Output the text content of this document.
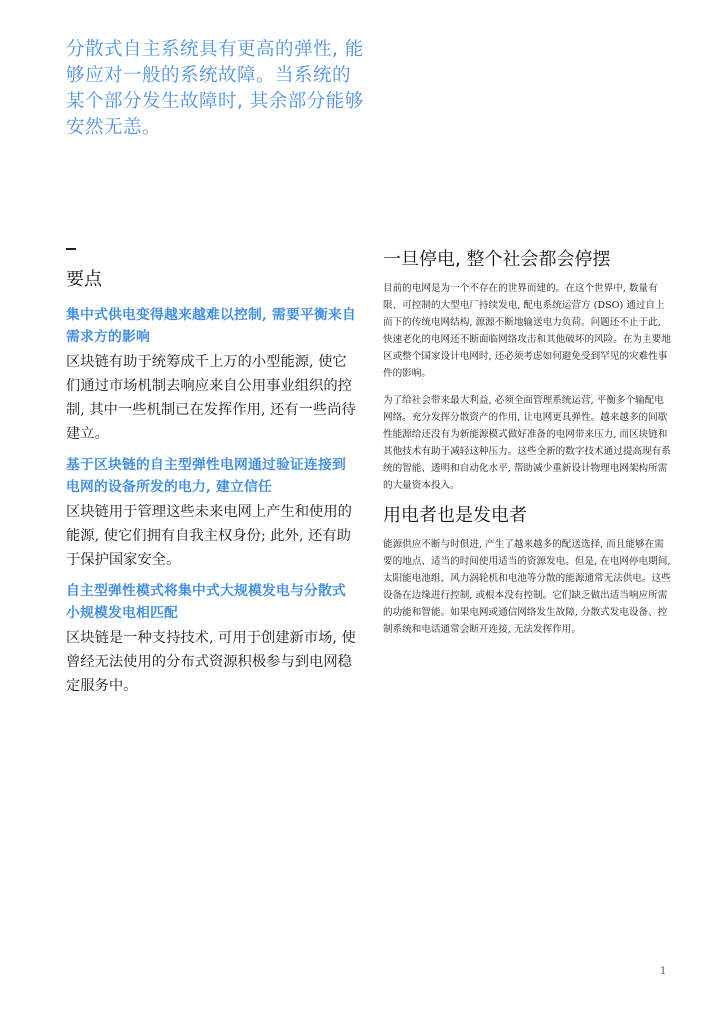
分散式自主系统具有更高的弹性, 能够应对一般的系统故障。当系统的某个部分发生故障时, 其余部分能够安然无恙。
要点

集中式供电变得越来越难以控制, 需要平衡来自需求方的影响

区块链有助于统筹成千上万的小型能源, 使它们通过市场机制去响应来自公用事业组织的控制, 其中一些机制已在发挥作用, 还有一些尚待建立。

基于区块链的自主型弹性电网通过验证连接到电网的设备所发的电力, 建立信任

区块链用于管理这些未来电网上产生和使用的能源, 使它们拥有自我主权身份; 此外, 还有助于保护国家安全。

自主型弹性模式将集中式大规模发电与分散式小规模发电相匹配

区块链是一种支持技术, 可用于创建新市场, 使曾经无法使用的分布式资源积极参与到电网稳定服务中。

一旦停电, 整个社会都会停摆

目前的电网是为一个不存在的世界而建的。在这个世界中, 数量有限、可控制的大型电厂持续发电, 配电系统运营方 (DSO) 通过自上而下的传统电网结构, 源源不断地输送电力负荷。问题还不止于此, 快速老化的电网还不断面临网络攻击和其他破坏的风险。在为主要地区或整个国家设计电网时, 还必须考虑如何避免受到罕见的灾难性事件的影响。

为了给社会带来最大利益, 必须全面管理系统运营, 平衡多个输配电网络。充分发挥分散资产的作用, 让电网更具弹性。越来越多的间歇性能源给还没有为新能源模式做好准备的电网带来压力, 而区块链和其他技术有助于减轻这种压力。这些全新的数字技术通过提高现有系统的智能、透明和自动化水平, 帮助减少重新设计物理电网架构所需的大量资本投入。

用电者也是发电者

能源供应不断与时俱进, 产生了越来越多的配送选择, 而且能够在需要的地点、适当的时间使用适当的资源发电。但是, 在电网停电期间, 太阳能电池组、风力涡轮机和电池等分散的能源通常无法供电。这些设备在边缘进行控制, 或根本没有控制。它们缺乏做出适当响应所需的功能和智能。如果电网或通信网络发生故障, 分散式发电设备、控制系统和电话通常会断开连接, 无法发挥作用。

1
